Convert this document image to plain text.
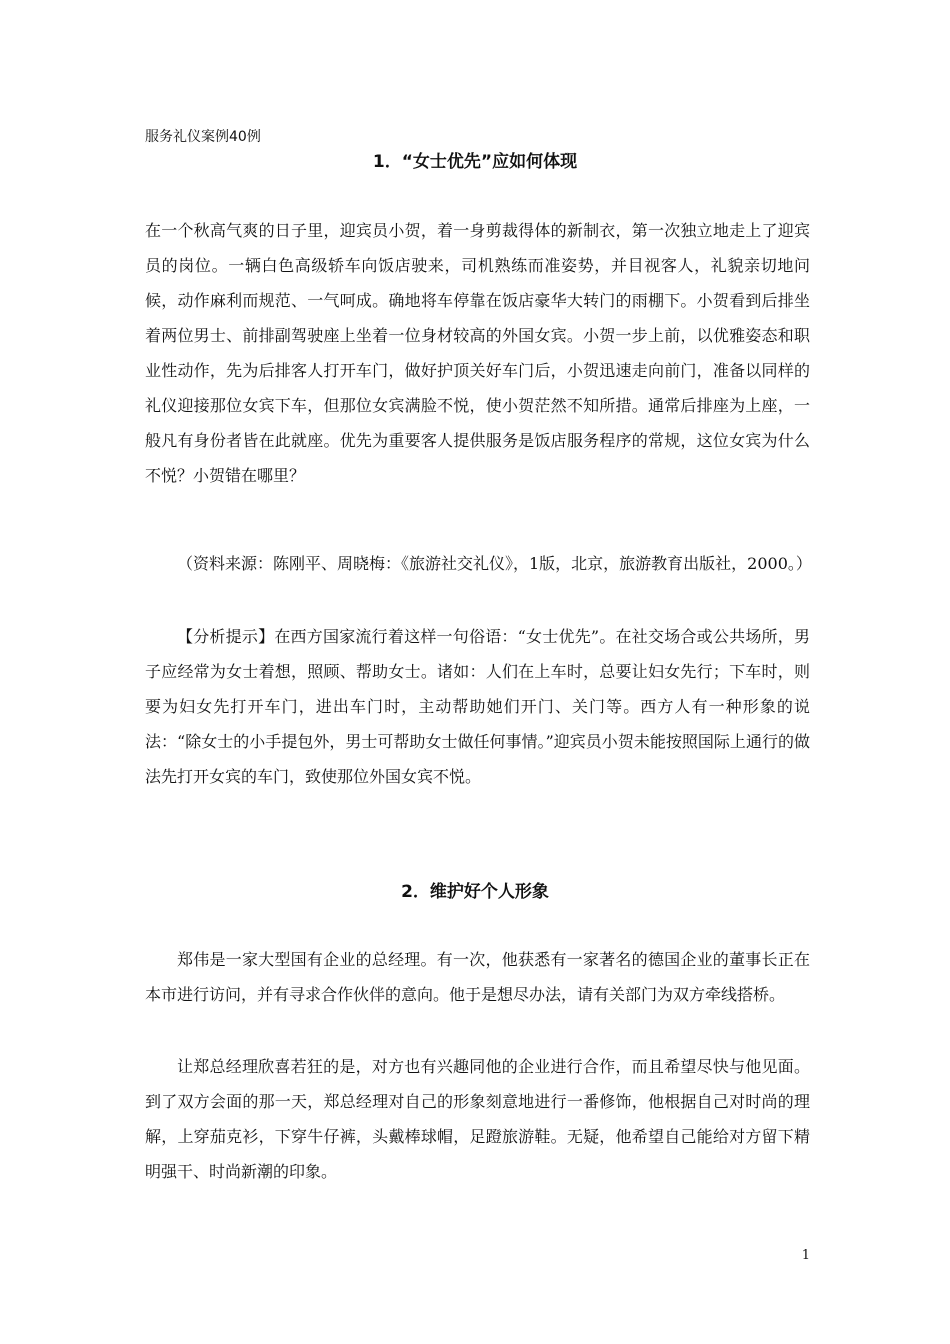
服务礼仪案例40例
1．“女士优先”应如何体现

在一个秋高气爽的日子里，迎宾员小贺，着一身剪裁得体的新制衣，第一次独立地走上了迎宾员的岗位。一辆白色高级轿车向饭店驶来，司机熟练而准姿势，并目视客人，礼貌亲切地问候，动作麻利而规范、一气呵成。确地将车停靠在饭店豪华大转门的雨棚下。小贺看到后排坐着两位男士、前排副驾驶座上坐着一位身材较高的外国女宾。小贺一步上前，以优雅姿态和职业性动作，先为后排客人打开车门，做好护顶关好车门后，小贺迅速走向前门，准备以同样的礼仪迎接那位女宾下车，但那位女宾满脸不悦，使小贺茫然不知所措。通常后排座为上座，一般凡有身份者皆在此就座。优先为重要客人提供服务是饭店服务程序的常规，这位女宾为什么不悦？小贺错在哪里？

（资料来源：陈刚平、周晓梅：《旅游社交礼仪》，1版，北京，旅游教育出版社，2000。）

【分析提示】在西方国家流行着这样一句俗语：“女士优先”。在社交场合或公共场所，男子应经常为女士着想，照顾、帮助女士。诸如：人们在上车时，总要让妇女先行；下车时，则要为妇女先打开车门，进出车门时，主动帮助她们开门、关门等。西方人有一种形象的说法：“除女士的小手提包外，男士可帮助女士做任何事情。”迎宾员小贺未能按照国际上通行的做法先打开女宾的车门，致使那位外国女宾不悦。

2．维护好个人形象

郑伟是一家大型国有企业的总经理。有一次，他获悉有一家著名的德国企业的董事长正在本市进行访问，并有寻求合作伙伴的意向。他于是想尽办法，请有关部门为双方牵线搭桥。

让郑总经理欣喜若狂的是，对方也有兴趣同他的企业进行合作，而且希望尽快与他见面。到了双方会面的那一天，郑总经理对自己的形象刻意地进行一番修饰，他根据自己对时尚的理解，上穿茄克衫，下穿牛仔裤，头戴棒球帽，足蹬旅游鞋。无疑，他希望自己能给对方留下精明强干、时尚新潮的印象。

1
